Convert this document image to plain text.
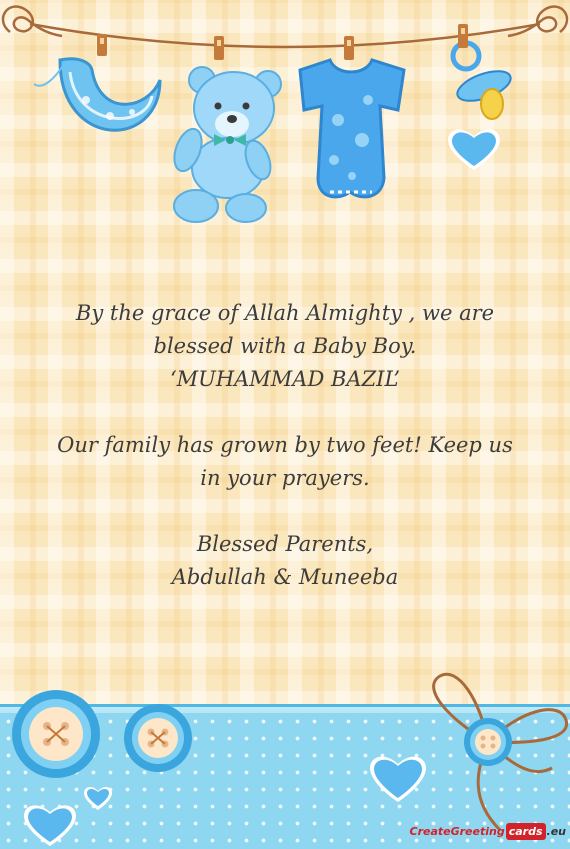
By the grace of Allah Almighty , we are
blessed with a Baby Boy.
‘MUHAMMAD BAZIL’
Our family has grown by two feet! Keep us
in your prayers.
Blessed Parents,
Abdullah & Muneeba
CreateGreeting cards .eu
